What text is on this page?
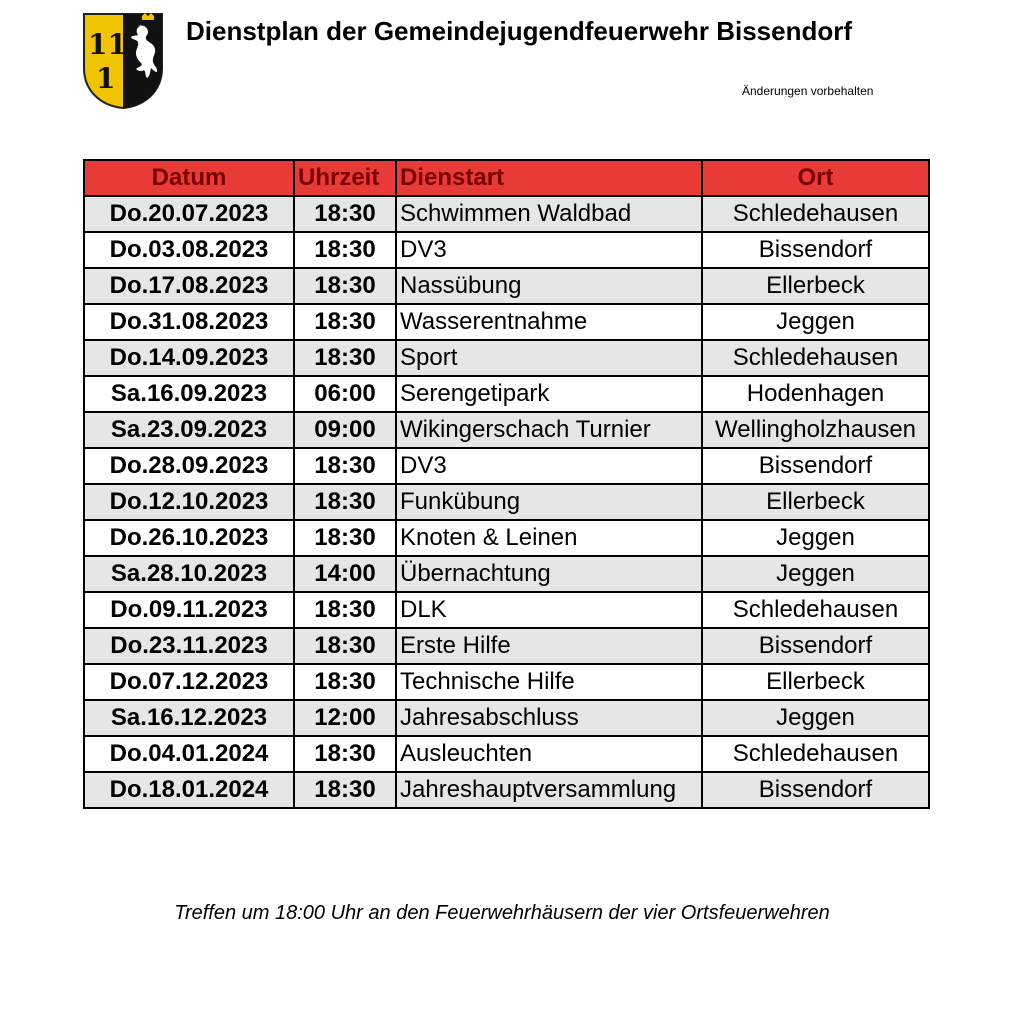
11
1
Dienstplan der Gemeindejugendfeuerwehr Bissendorf
Änderungen vorbehalten
Datum	Uhrzeit	Dienstart	Ort
Do.20.07.2023	18:30	Schwimmen Waldbad	Schledehausen
Do.03.08.2023	18:30	DV3	Bissendorf
Do.17.08.2023	18:30	Nassübung	Ellerbeck
Do.31.08.2023	18:30	Wasserentnahme	Jeggen
Do.14.09.2023	18:30	Sport	Schledehausen
Sa.16.09.2023	06:00	Serengetipark	Hodenhagen
Sa.23.09.2023	09:00	Wikingerschach Turnier	Wellingholzhausen
Do.28.09.2023	18:30	DV3	Bissendorf
Do.12.10.2023	18:30	Funkübung	Ellerbeck
Do.26.10.2023	18:30	Knoten & Leinen	Jeggen
Sa.28.10.2023	14:00	Übernachtung	Jeggen
Do.09.11.2023	18:30	DLK	Schledehausen
Do.23.11.2023	18:30	Erste Hilfe	Bissendorf
Do.07.12.2023	18:30	Technische Hilfe	Ellerbeck
Sa.16.12.2023	12:00	Jahresabschluss	Jeggen
Do.04.01.2024	18:30	Ausleuchten	Schledehausen
Do.18.01.2024	18:30	Jahreshauptversammlung	Bissendorf
Treffen um 18:00 Uhr an den Feuerwehrhäusern der vier Ortsfeuerwehren
